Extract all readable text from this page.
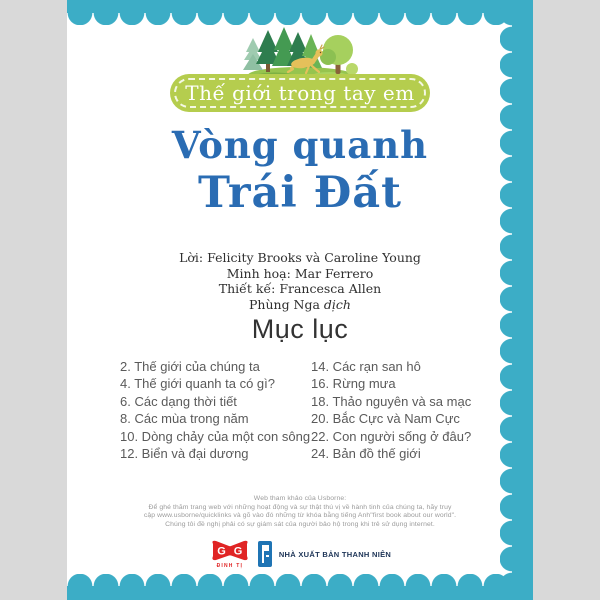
Thế giới trong tay em
Vòng quanh
Trái Đất
Lời: Felicity Brooks và Caroline Young
Minh hoạ: Mar Ferrero
Thiết kế: Francesca Allen
Phùng Nga dịch
Mục lục
2. Thế giới của chúng ta
4. Thế giới quanh ta có gì?
6. Các dạng thời tiết
8. Các mùa trong năm
10. Dòng chảy của một con sông
12. Biển và đại dương
14. Các rạn san hô
16. Rừng mưa
18. Thảo nguyên và sa mạc
20. Bắc Cực và Nam Cực
22. Con người sống ở đâu?
24. Bản đồ thế giới
Web tham khảo của Usborne:
Để ghé thăm trang web với những hoạt động và sự thật thú vị về hành tinh của chúng ta, hãy truy
cập www.usborne/quicklinks và gõ vào đó những từ khóa bằng tiếng Anh"first book about our world".
Chúng tôi đề nghị phải có sự giám sát của người bảo hộ trong khi trẻ sử dụng internet.
G G
ĐINH TỊ
NHÀ XUẤT BẢN THANH NIÊN
